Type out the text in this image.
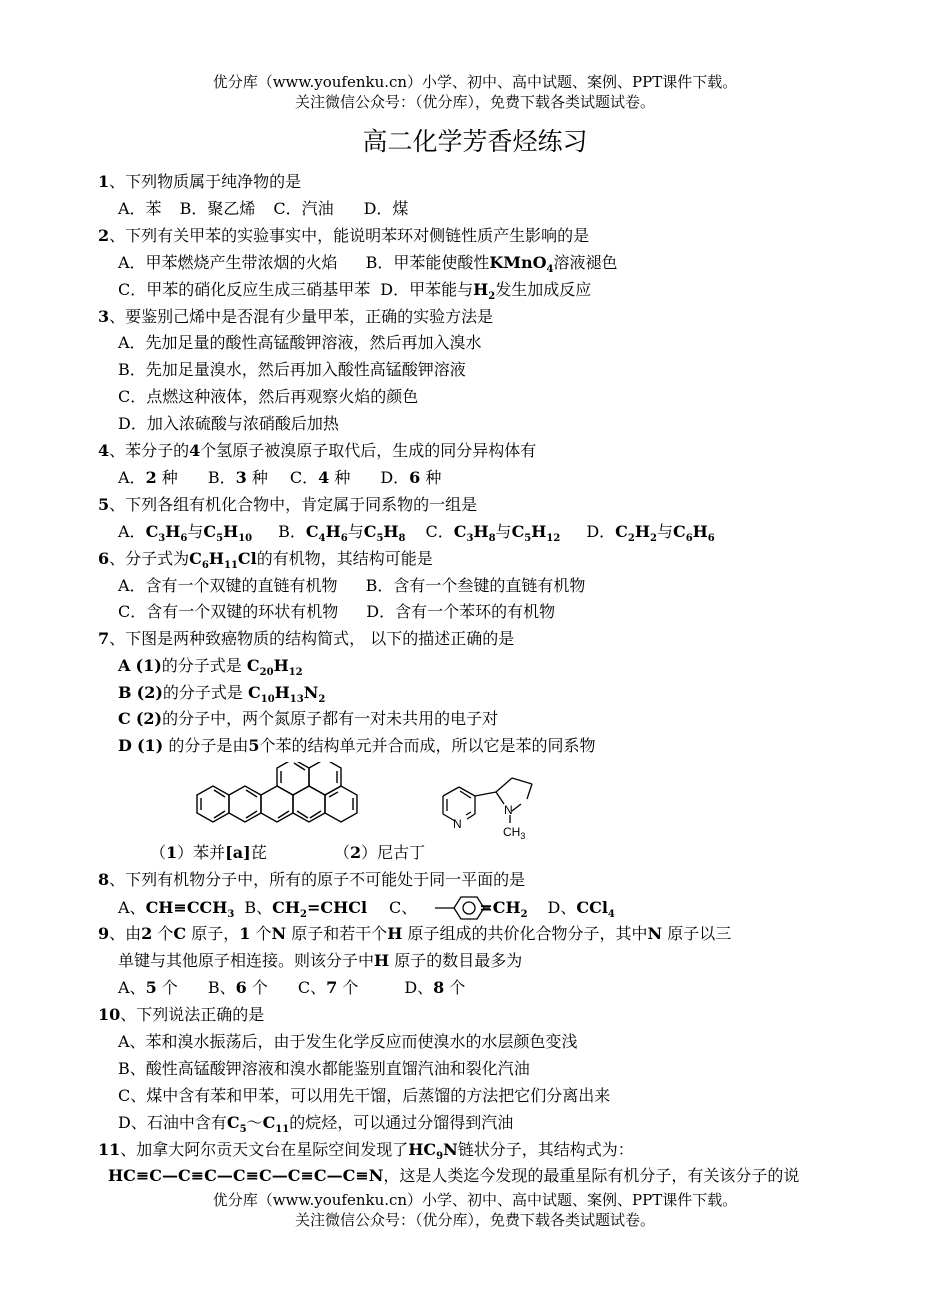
优分库（www.youfenku.cn）小学、初中、高中试题、案例、PPT课件下载。
关注微信公众号：（优分库），免费下载各类试题试卷。
高二化学芳香烃练习
1、下列物质属于纯净物的是
A．苯 B．聚乙烯 C．汽油 D．煤
2、下列有关甲苯的实验事实中，能说明苯环对侧链性质产生影响的是
A．甲苯燃烧产生带浓烟的火焰 B．甲苯能使酸性KMnO$_4$溶液褪色
C．甲苯的硝化反应生成三硝基甲苯 D．甲苯能与$H_2$发生加成反应
3、要鉴别己烯中是否混有少量甲苯，正确的实验方法是
A．先加足量的酸性高锰酸钾溶液，然后再加入溴水
B．先加足量溴水，然后再加入酸性高锰酸钾溶液
C．点燃这种液体，然后再观察火焰的颜色
D．加入浓硫酸与浓硝酸后加热
4、苯分子的4个氢原子被溴原子取代后，生成的同分异构体有
A．2 种 B．3 种 C．4 种 D．6 种
5、下列各组有机化合物中，肯定属于同系物的一组是
A．$C_3H_6$与$C_5H_{10}$ B．$C_4H_6$与$C_5H_8$ C．$C_3H_8$与$C_5H_{12}$ D．$C_2H_2$与$C_6H_6$
6、分子式为$C_6H_{11}Cl$的有机物，其结构可能是
A．含有一个双键的直链有机物 B．含有一个叁键的直链有机物
C．含有一个双键的环状有机物 D．含有一个苯环的有机物
7、下图是两种致癌物质的结构简式， 以下的描述正确的是
A (1)的分子式是 $C_{20}H_{12}$
B (2)的分子式是 $C_{10}H_{13}N_2$
C (2)的分子中，两个氮原子都有一对未共用的电子对
D (1) 的分子是由5个苯的结构单元并合而成，所以它是苯的同系物
N
N
$CH_3$
（1）苯并[a]芘	（2）尼古丁
8、下列有机物分子中，所有的原子不可能处于同一平面的是
A、$CH\equiv CCH_3$ B、$CH_2=CHCl$ C、	$=CH_2$ D、CCl$_4$
9、由2 个C 原子，1 个N 原子和若干个H 原子组成的共价化合物分子，其中N 原子以三
单键与其他原子相连接。则该分子中H 原子的数目最多为
A、5 个 B、6 个 C、7 个	D、8 个
10、下列说法正确的是
A、苯和溴水振荡后，由于发生化学反应而使溴水的水层颜色变浅
B、酸性高锰酸钾溶液和溴水都能鉴别直馏汽油和裂化汽油
C、煤中含有苯和甲苯，可以用先干馏，后蒸馏的方法把它们分离出来
D、石油中含有$C_5\sim C_{11}$的烷烃，可以通过分馏得到汽油
11、加拿大阿尔贡天文台在星际空间发现了$HC_9N$链状分子，其结构式为：
HC≡C—C≡C—C≡C—C≡C—C≡N，这是人类迄今发现的最重星际有机分子，有关该分子的说
优分库（www.youfenku.cn）小学、初中、高中试题、案例、PPT课件下载。
关注微信公众号：（优分库），免费下载各类试题试卷。
